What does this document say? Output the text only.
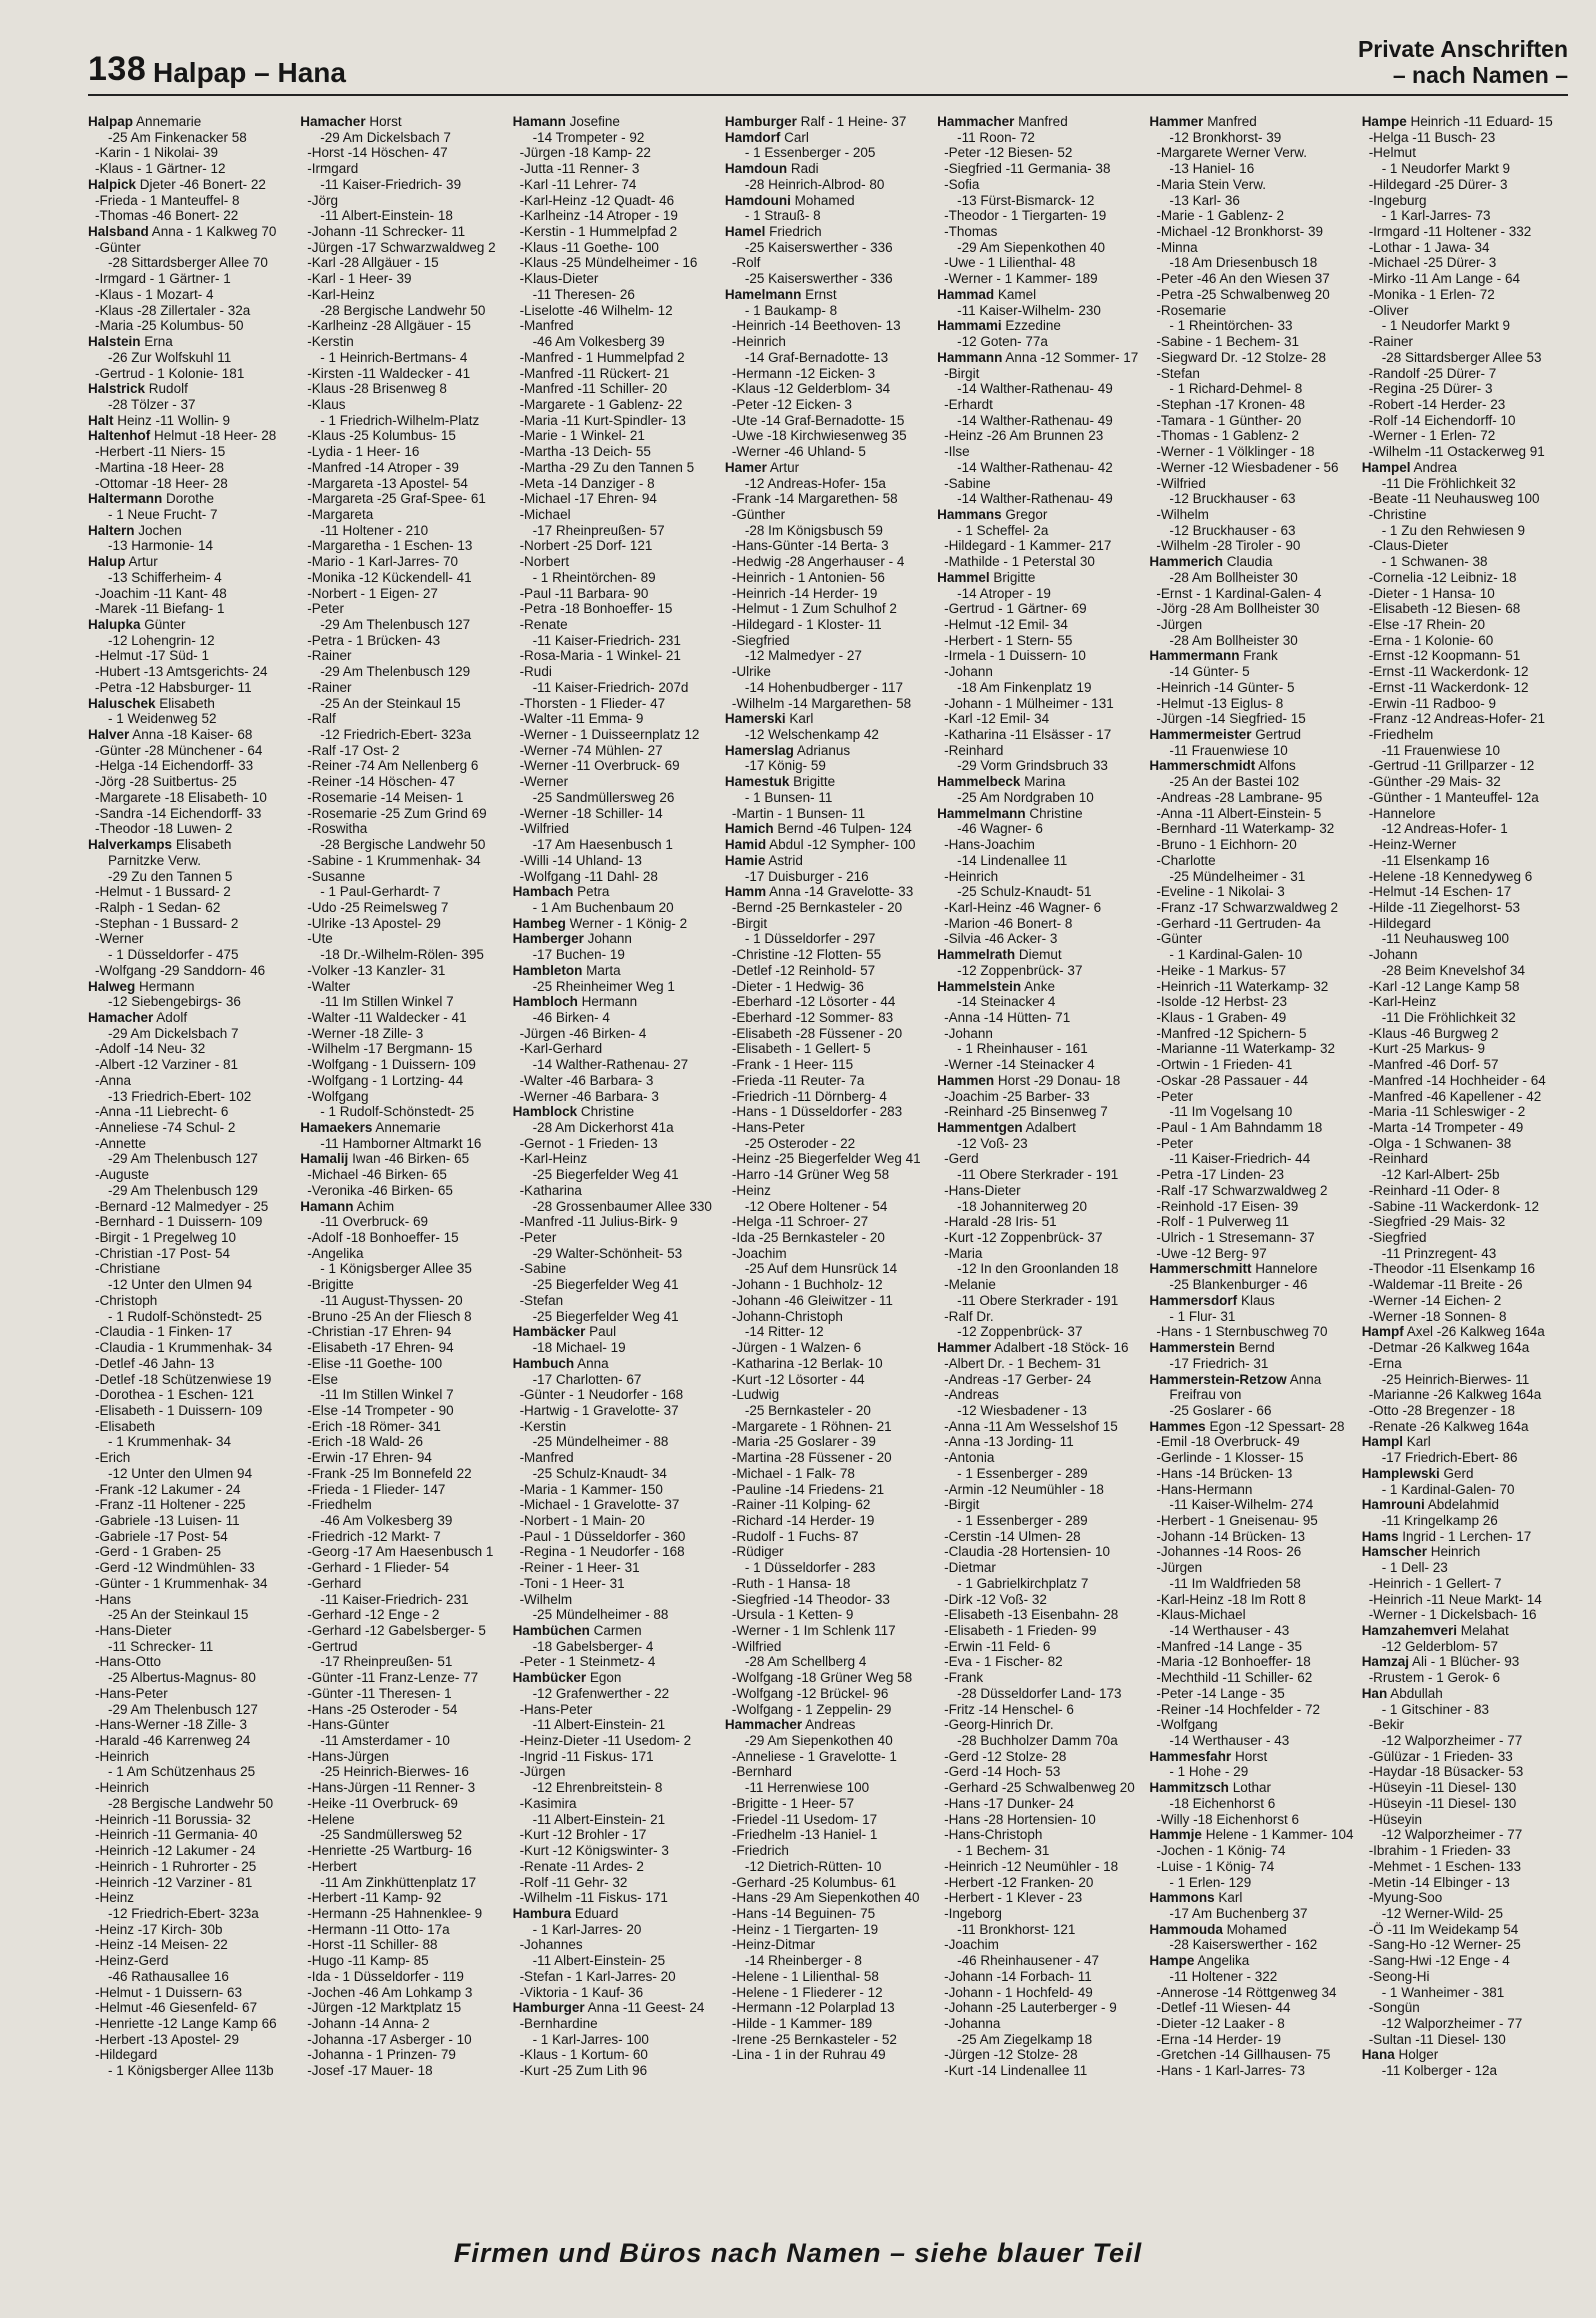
138 Halpap – Hana
Private Anschriften
– nach Namen –
Halpap Annemarie
-25 Am Finkenacker 58
-Karin - 1 Nikolai- 39
-Klaus - 1 Gärtner- 12
Halpick Djeter -46 Bonert- 22
-Frieda - 1 Manteuffel- 8
-Thomas -46 Bonert- 22
Halsband Anna - 1 Kalkweg 70
-Günter
-28 Sittardsberger Allee 70
-Irmgard - 1 Gärtner- 1
-Klaus - 1 Mozart- 4
-Klaus -28 Zillertaler - 32a
-Maria -25 Kolumbus- 50
Halstein Erna
-26 Zur Wolfskuhl 11
-Gertrud - 1 Kolonie- 181
Halstrick Rudolf
-28 Tölzer - 37
Halt Heinz -11 Wollin- 9
Haltenhof Helmut -18 Heer- 28
-Herbert -11 Niers- 15
-Martina -18 Heer- 28
-Ottomar -18 Heer- 28
Haltermann Dorothe
- 1 Neue Frucht- 7
Haltern Jochen
-13 Harmonie- 14
Halup Artur
-13 Schifferheim- 4
-Joachim -11 Kant- 48
-Marek -11 Biefang- 1
Halupka Günter
-12 Lohengrin- 12
-Helmut -17 Süd- 1
-Hubert -13 Amtsgerichts- 24
-Petra -12 Habsburger- 11
Haluschek Elisabeth
- 1 Weidenweg 52
Halver Anna -18 Kaiser- 68
-Günter -28 Münchener - 64
-Helga -14 Eichendorff- 33
-Jörg -28 Suitbertus- 25
-Margarete -18 Elisabeth- 10
-Sandra -14 Eichendorff- 33
-Theodor -18 Luwen- 2
Halverkamps Elisabeth
Parnitzke Verw.
-29 Zu den Tannen 5
-Helmut - 1 Bussard- 2
-Ralph - 1 Sedan- 62
-Stephan - 1 Bussard- 2
-Werner
- 1 Düsseldorfer - 475
-Wolfgang -29 Sanddorn- 46
Halweg Hermann
-12 Siebengebirgs- 36
Hamacher Adolf
-29 Am Dickelsbach 7
-Adolf -14 Neu- 32
-Albert -12 Varziner - 81
-Anna
-13 Friedrich-Ebert- 102
-Anna -11 Liebrecht- 6
-Anneliese -74 Schul- 2
-Annette
-29 Am Thelenbusch 127
-Auguste
-29 Am Thelenbusch 129
-Bernard -12 Malmedyer - 25
-Bernhard - 1 Duissern- 109
-Birgit - 1 Pregelweg 10
-Christian -17 Post- 54
-Christiane
-12 Unter den Ulmen 94
-Christoph
- 1 Rudolf-Schönstedt- 25
-Claudia - 1 Finken- 17
-Claudia - 1 Krummenhak- 34
-Detlef -46 Jahn- 13
-Detlef -18 Schützenwiese 19
-Dorothea - 1 Eschen- 121
-Elisabeth - 1 Duissern- 109
-Elisabeth
- 1 Krummenhak- 34
-Erich
-12 Unter den Ulmen 94
-Frank -12 Lakumer - 24
-Franz -11 Holtener - 225
-Gabriele -13 Luisen- 11
-Gabriele -17 Post- 54
-Gerd - 1 Graben- 25
-Gerd -12 Windmühlen- 33
-Günter - 1 Krummenhak- 34
-Hans
-25 An der Steinkaul 15
-Hans-Dieter
-11 Schrecker- 11
-Hans-Otto
-25 Albertus-Magnus- 80
-Hans-Peter
-29 Am Thelenbusch 127
-Hans-Werner -18 Zille- 3
-Harald -46 Karrenweg 24
-Heinrich
- 1 Am Schützenhaus 25
-Heinrich
-28 Bergische Landwehr 50
-Heinrich -11 Borussia- 32
-Heinrich -11 Germania- 40
-Heinrich -12 Lakumer - 24
-Heinrich - 1 Ruhrorter - 25
-Heinrich -12 Varziner - 81
-Heinz
-12 Friedrich-Ebert- 323a
-Heinz -17 Kirch- 30b
-Heinz -14 Meisen- 22
-Heinz-Gerd
-46 Rathausallee 16
-Helmut - 1 Duissern- 63
-Helmut -46 Giesenfeld- 67
-Henriette -12 Lange Kamp 66
-Herbert -13 Apostel- 29
-Hildegard
- 1 Königsberger Allee 113b
Hamacher Horst
-29 Am Dickelsbach 7
-Horst -14 Höschen- 47
-Irmgard
-11 Kaiser-Friedrich- 39
-Jörg
-11 Albert-Einstein- 18
-Johann -11 Schrecker- 11
-Jürgen -17 Schwarzwaldweg 2
-Karl -28 Allgäuer - 15
-Karl - 1 Heer- 39
-Karl-Heinz
-28 Bergische Landwehr 50
-Karlheinz -28 Allgäuer - 15
-Kerstin
- 1 Heinrich-Bertmans- 4
-Kirsten -11 Waldecker - 41
-Klaus -28 Brisenweg 8
-Klaus
- 1 Friedrich-Wilhelm-Platz
-Klaus -25 Kolumbus- 15
-Lydia - 1 Heer- 16
-Manfred -14 Atroper - 39
-Margareta -13 Apostel- 54
-Margareta -25 Graf-Spee- 61
-Margareta
-11 Holtener - 210
-Margaretha - 1 Eschen- 13
-Mario - 1 Karl-Jarres- 70
-Monika -12 Kückendell- 41
-Norbert - 1 Eigen- 27
-Peter
-29 Am Thelenbusch 127
-Petra - 1 Brücken- 43
-Rainer
-29 Am Thelenbusch 129
-Rainer
-25 An der Steinkaul 15
-Ralf
-12 Friedrich-Ebert- 323a
-Ralf -17 Ost- 2
-Reiner -74 Am Nellenberg 6
-Reiner -14 Höschen- 47
-Rosemarie -14 Meisen- 1
-Rosemarie -25 Zum Grind 69
-Roswitha
-28 Bergische Landwehr 50
-Sabine - 1 Krummenhak- 34
-Susanne
- 1 Paul-Gerhardt- 7
-Udo -25 Reimelsweg 7
-Ulrike -13 Apostel- 29
-Ute
-18 Dr.-Wilhelm-Rölen- 395
-Volker -13 Kanzler- 31
-Walter
-11 Im Stillen Winkel 7
-Walter -11 Waldecker - 41
-Werner -18 Zille- 3
-Wilhelm -17 Bergmann- 15
-Wolfgang - 1 Duissern- 109
-Wolfgang - 1 Lortzing- 44
-Wolfgang
- 1 Rudolf-Schönstedt- 25
Hamaekers Annemarie
-11 Hamborner Altmarkt 16
Hamalij Iwan -46 Birken- 65
-Michael -46 Birken- 65
-Veronika -46 Birken- 65
Hamann Achim
-11 Overbruck- 69
-Adolf -18 Bonhoeffer- 15
-Angelika
- 1 Königsberger Allee 35
-Brigitte
-11 August-Thyssen- 20
-Bruno -25 An der Fliesch 8
-Christian -17 Ehren- 94
-Elisabeth -17 Ehren- 94
-Elise -11 Goethe- 100
-Else
-11 Im Stillen Winkel 7
-Else -14 Trompeter - 90
-Erich -18 Römer- 341
-Erich -18 Wald- 26
-Erwin -17 Ehren- 94
-Frank -25 Im Bonnefeld 22
-Frieda - 1 Flieder- 147
-Friedhelm
-46 Am Volkesberg 39
-Friedrich -12 Markt- 7
-Georg -17 Am Haesenbusch 1
-Gerhard - 1 Flieder- 54
-Gerhard
-11 Kaiser-Friedrich- 231
-Gerhard -12 Enge - 2
-Gerhard -12 Gabelsberger- 5
-Gertrud
-17 Rheinpreußen- 51
-Günter -11 Franz-Lenze- 77
-Günter -11 Theresen- 1
-Hans -25 Osteroder - 54
-Hans-Günter
-11 Amsterdamer - 10
-Hans-Jürgen
-25 Heinrich-Bierwes- 16
-Hans-Jürgen -11 Renner- 3
-Heike -11 Overbruck- 69
-Helene
-25 Sandmüllersweg 52
-Henriette -25 Wartburg- 16
-Herbert
-11 Am Zinkhüttenplatz 17
-Herbert -11 Kamp- 92
-Hermann -25 Hahnenklee- 9
-Hermann -11 Otto- 17a
-Horst -11 Schiller- 88
-Hugo -11 Kamp- 85
-Ida - 1 Düsseldorfer - 119
-Jochen -46 Am Lohkamp 3
-Jürgen -12 Marktplatz 15
-Johann -14 Anna- 2
-Johanna -17 Asberger - 10
-Johanna - 1 Prinzen- 79
-Josef -17 Mauer- 18
Hamann Josefine
-14 Trompeter - 92
-Jürgen -18 Kamp- 22
-Jutta -11 Renner- 3
-Karl -11 Lehrer- 74
-Karl-Heinz -12 Quadt- 46
-Karlheinz -14 Atroper - 19
-Kerstin - 1 Hummelpfad 2
-Klaus -11 Goethe- 100
-Klaus -25 Mündelheimer - 16
-Klaus-Dieter
-11 Theresen- 26
-Liselotte -46 Wilhelm- 12
-Manfred
-46 Am Volkesberg 39
-Manfred - 1 Hummelpfad 2
-Manfred -11 Rückert- 21
-Manfred -11 Schiller- 20
-Margarete - 1 Gablenz- 22
-Maria -11 Kurt-Spindler- 13
-Marie - 1 Winkel- 21
-Martha -13 Deich- 55
-Martha -29 Zu den Tannen 5
-Meta -14 Danziger - 8
-Michael -17 Ehren- 94
-Michael
-17 Rheinpreußen- 57
-Norbert -25 Dorf- 121
-Norbert
- 1 Rheintörchen- 89
-Paul -11 Barbara- 90
-Petra -18 Bonhoeffer- 15
-Renate
-11 Kaiser-Friedrich- 231
-Rosa-Maria - 1 Winkel- 21
-Rudi
-11 Kaiser-Friedrich- 207d
-Thorsten - 1 Flieder- 47
-Walter -11 Emma- 9
-Werner - 1 Duisseernplatz 12
-Werner -74 Mühlen- 27
-Werner -11 Overbruck- 69
-Werner
-25 Sandmüllersweg 26
-Werner -18 Schiller- 14
-Wilfried
-17 Am Haesenbusch 1
-Willi -14 Uhland- 13
-Wolfgang -11 Dahl- 28
Hambach Petra
- 1 Am Buchenbaum 20
Hambeg Werner - 1 König- 2
Hamberger Johann
-17 Buchen- 19
Hambleton Marta
-25 Rheinheimer Weg 1
Hambloch Hermann
-46 Birken- 4
-Jürgen -46 Birken- 4
-Karl-Gerhard
-14 Walther-Rathenau- 27
-Walter -46 Barbara- 3
-Werner -46 Barbara- 3
Hamblock Christine
-28 Am Dickerhorst 41a
-Gernot - 1 Frieden- 13
-Karl-Heinz
-25 Biegerfelder Weg 41
-Katharina
-28 Grossenbaumer Allee 330
-Manfred -11 Julius-Birk- 9
-Peter
-29 Walter-Schönheit- 53
-Sabine
-25 Biegerfelder Weg 41
-Stefan
-25 Biegerfelder Weg 41
Hambäcker Paul
-18 Michael- 19
Hambuch Anna
-17 Charlotten- 67
-Günter - 1 Neudorfer - 168
-Hartwig - 1 Gravelotte- 37
-Kerstin
-25 Mündelheimer - 88
-Manfred
-25 Schulz-Knaudt- 34
-Maria - 1 Kammer- 150
-Michael - 1 Gravelotte- 37
-Norbert - 1 Main- 20
-Paul - 1 Düsseldorfer - 360
-Regina - 1 Neudorfer - 168
-Reiner - 1 Heer- 31
-Toni - 1 Heer- 31
-Wilhelm
-25 Mündelheimer - 88
Hambüchen Carmen
-18 Gabelsberger- 4
-Peter - 1 Steinmetz- 4
Hambücker Egon
-12 Grafenwerther - 22
-Hans-Peter
-11 Albert-Einstein- 21
-Heinz-Dieter -11 Usedom- 2
-Ingrid -11 Fiskus- 171
-Jürgen
-12 Ehrenbreitstein- 8
-Kasimira
-11 Albert-Einstein- 21
-Kurt -12 Brohler - 17
-Kurt -12 Königswinter- 3
-Renate -11 Ardes- 2
-Rolf -11 Gehr- 32
-Wilhelm -11 Fiskus- 171
Hambura Eduard
- 1 Karl-Jarres- 20
-Johannes
-11 Albert-Einstein- 25
-Stefan - 1 Karl-Jarres- 20
-Viktoria - 1 Kauf- 36
Hamburger Anna -11 Geest- 24
-Bernhardine
- 1 Karl-Jarres- 100
-Klaus - 1 Kortum- 60
-Kurt -25 Zum Lith 96
Hamburger Ralf - 1 Heine- 37
Hamdorf Carl
- 1 Essenberger - 205
Hamdoun Radi
-28 Heinrich-Albrod- 80
Hamdouni Mohamed
- 1 Strauß- 8
Hamel Friedrich
-25 Kaiserswerther - 336
-Rolf
-25 Kaiserswerther - 336
Hamelmann Ernst
- 1 Baukamp- 8
-Heinrich -14 Beethoven- 13
-Heinrich
-14 Graf-Bernadotte- 13
-Hermann -12 Eicken- 3
-Klaus -12 Gelderblom- 34
-Peter -12 Eicken- 3
-Ute -14 Graf-Bernadotte- 15
-Uwe -18 Kirchwiesenweg 35
-Werner -46 Uhland- 5
Hamer Artur
-12 Andreas-Hofer- 15a
-Frank -14 Margarethen- 58
-Günther
-28 Im Königsbusch 59
-Hans-Günter -14 Berta- 3
-Hedwig -28 Angerhauser - 4
-Heinrich - 1 Antonien- 56
-Heinrich -14 Herder- 19
-Helmut - 1 Zum Schulhof 2
-Hildegard - 1 Kloster- 11
-Siegfried
-12 Malmedyer - 27
-Ulrike
-14 Hohenbudberger - 117
-Wilhelm -14 Margarethen- 58
Hamerski Karl
-12 Welschenkamp 42
Hamerslag Adrianus
-17 König- 59
Hamestuk Brigitte
- 1 Bunsen- 11
-Martin - 1 Bunsen- 11
Hamich Bernd -46 Tulpen- 124
Hamid Abdul -12 Sympher- 100
Hamie Astrid
-17 Duisburger - 216
Hamm Anna -14 Gravelotte- 33
-Bernd -25 Bernkasteler - 20
-Birgit
- 1 Düsseldorfer - 297
-Christine -12 Flotten- 55
-Detlef -12 Reinhold- 57
-Dieter - 1 Hedwig- 36
-Eberhard -12 Lösorter - 44
-Eberhard -12 Sommer- 83
-Elisabeth -28 Füssener - 20
-Elisabeth - 1 Gellert- 5
-Frank - 1 Heer- 115
-Frieda -11 Reuter- 7a
-Friedrich -11 Dörnberg- 4
-Hans - 1 Düsseldorfer - 283
-Hans-Peter
-25 Osteroder - 22
-Heinz -25 Biegerfelder Weg 41
-Harro -14 Grüner Weg 58
-Heinz
-12 Obere Holtener - 54
-Helga -11 Schroer- 27
-Ida -25 Bernkasteler - 20
-Joachim
-25 Auf dem Hunsrück 14
-Johann - 1 Buchholz- 12
-Johann -46 Gleiwitzer - 11
-Johann-Christoph
-14 Ritter- 12
-Jürgen - 1 Walzen- 6
-Katharina -12 Berlak- 10
-Kurt -12 Lösorter - 44
-Ludwig
-25 Bernkasteler - 20
-Margarete - 1 Röhnen- 21
-Maria -25 Goslarer - 39
-Martina -28 Füssener - 20
-Michael - 1 Falk- 78
-Pauline -14 Friedens- 21
-Rainer -11 Kolping- 62
-Richard -14 Herder- 19
-Rudolf - 1 Fuchs- 87
-Rüdiger
- 1 Düsseldorfer - 283
-Ruth - 1 Hansa- 18
-Siegfried -14 Theodor- 33
-Ursula - 1 Ketten- 9
-Werner - 1 Im Schlenk 117
-Wilfried
-28 Am Schellberg 4
-Wolfgang -18 Grüner Weg 58
-Wolfgang -12 Brückel- 96
-Wolfgang - 1 Zeppelin- 29
Hammacher Andreas
-29 Am Siepenkothen 40
-Anneliese - 1 Gravelotte- 1
-Bernhard
-11 Herrenwiese 100
-Brigitte - 1 Heer- 57
-Friedel -11 Usedom- 17
-Friedhelm -13 Haniel- 1
-Friedrich
-12 Dietrich-Rütten- 10
-Gerhard -25 Kolumbus- 61
-Hans -29 Am Siepenkothen 40
-Hans -14 Beguinen- 75
-Heinz - 1 Tiergarten- 19
-Heinz-Ditmar
-14 Rheinberger - 8
-Helene - 1 Lilienthal- 58
-Helene - 1 Fliederer - 12
-Hermann -12 Polarplad 13
-Hilde - 1 Kammer- 189
-Irene -25 Bernkasteler - 52
-Lina - 1 in der Ruhrau 49
Hammacher Manfred
-11 Roon- 72
-Peter -12 Biesen- 52
-Siegfried -11 Germania- 38
-Sofia
-13 Fürst-Bismarck- 12
-Theodor - 1 Tiergarten- 19
-Thomas
-29 Am Siepenkothen 40
-Uwe - 1 Lilienthal- 48
-Werner - 1 Kammer- 189
Hammad Kamel
-11 Kaiser-Wilhelm- 230
Hammami Ezzedine
-12 Goten- 77a
Hammann Anna -12 Sommer- 17
-Birgit
-14 Walther-Rathenau- 49
-Erhardt
-14 Walther-Rathenau- 49
-Heinz -26 Am Brunnen 23
-Ilse
-14 Walther-Rathenau- 42
-Sabine
-14 Walther-Rathenau- 49
Hammans Gregor
- 1 Scheffel- 2a
-Hildegard - 1 Kammer- 217
-Mathilde - 1 Peterstal 30
Hammel Brigitte
-14 Atroper - 19
-Gertrud - 1 Gärtner- 69
-Helmut -12 Emil- 34
-Herbert - 1 Stern- 55
-Irmela - 1 Duissern- 10
-Johann
-18 Am Finkenplatz 19
-Johann - 1 Mülheimer - 131
-Karl -12 Emil- 34
-Katharina -11 Elsässer - 17
-Reinhard
-29 Vorm Grindsbruch 33
Hammelbeck Marina
-25 Am Nordgraben 10
Hammelmann Christine
-46 Wagner- 6
-Hans-Joachim
-14 Lindenallee 11
-Heinrich
-25 Schulz-Knaudt- 51
-Karl-Heinz -46 Wagner- 6
-Marion -46 Bonert- 8
-Silvia -46 Acker- 3
Hammelrath Diemut
-12 Zoppenbrück- 37
Hammelstein Anke
-14 Steinacker 4
-Anna -14 Hütten- 71
-Johann
- 1 Rheinhauser - 161
-Werner -14 Steinacker 4
Hammen Horst -29 Donau- 18
-Joachim -25 Barber- 33
-Reinhard -25 Binsenweg 7
Hammentgen Adalbert
-12 Voß- 23
-Gerd
-11 Obere Sterkrader - 191
-Hans-Dieter
-18 Johanniterweg 20
-Harald -28 Iris- 51
-Kurt -12 Zoppenbrück- 37
-Maria
-12 In den Groonlanden 18
-Melanie
-11 Obere Sterkrader - 191
-Ralf Dr.
-12 Zoppenbrück- 37
Hammer Adalbert -18 Stöck- 16
-Albert Dr. - 1 Bechem- 31
-Andreas -17 Gerber- 24
-Andreas
-12 Wiesbadener - 13
-Anna -11 Am Wesselshof 15
-Anna -13 Jording- 11
-Antonia
- 1 Essenberger - 289
-Armin -12 Neumühler - 18
-Birgit
- 1 Essenberger - 289
-Cerstin -14 Ulmen- 28
-Claudia -28 Hortensien- 10
-Dietmar
- 1 Gabrielkirchplatz 7
-Dirk -12 Voß- 32
-Elisabeth -13 Eisenbahn- 28
-Elisabeth - 1 Frieden- 99
-Erwin -11 Feld- 6
-Eva - 1 Fischer- 82
-Frank
-28 Düsseldorfer Land- 173
-Fritz -14 Henschel- 6
-Georg-Hinrich Dr.
-28 Buchholzer Damm 70a
-Gerd -12 Stolze- 28
-Gerd -14 Hoch- 53
-Gerhard -25 Schwalbenweg 20
-Hans -17 Dunker- 24
-Hans -28 Hortensien- 10
-Hans-Christoph
- 1 Bechem- 31
-Heinrich -12 Neumühler - 18
-Herbert -12 Franken- 20
-Herbert - 1 Klever - 23
-Ingeborg
-11 Bronkhorst- 121
-Joachim
-46 Rheinhausener - 47
-Johann -14 Forbach- 11
-Johann - 1 Hochfeld- 49
-Johann -25 Lauterberger - 9
-Johanna
-25 Am Ziegelkamp 18
-Jürgen -12 Stolze- 28
-Kurt -14 Lindenallee 11
Hammer Manfred
-12 Bronkhorst- 39
-Margarete Werner Verw.
-13 Haniel- 16
-Maria Stein Verw.
-13 Karl- 36
-Marie - 1 Gablenz- 2
-Michael -12 Bronkhorst- 39
-Minna
-18 Am Driesenbusch 18
-Peter -46 An den Wiesen 37
-Petra -25 Schwalbenweg 20
-Rosemarie
- 1 Rheintörchen- 33
-Sabine - 1 Bechem- 31
-Siegward Dr. -12 Stolze- 28
-Stefan
- 1 Richard-Dehmel- 8
-Stephan -17 Kronen- 48
-Tamara - 1 Günther- 20
-Thomas - 1 Gablenz- 2
-Werner - 1 Völklinger - 18
-Werner -12 Wiesbadener - 56
-Wilfried
-12 Bruckhauser - 63
-Wilhelm
-12 Bruckhauser - 63
-Wilhelm -28 Tiroler - 90
Hammerich Claudia
-28 Am Bollheister 30
-Ernst - 1 Kardinal-Galen- 4
-Jörg -28 Am Bollheister 30
-Jürgen
-28 Am Bollheister 30
Hammermann Frank
-14 Günter- 5
-Heinrich -14 Günter- 5
-Helmut -13 Eiglus- 8
-Jürgen -14 Siegfried- 15
Hammermeister Gertrud
-11 Frauenwiese 10
Hammerschmidt Alfons
-25 An der Bastei 102
-Andreas -28 Lambrane- 95
-Anna -11 Albert-Einstein- 5
-Bernhard -11 Waterkamp- 32
-Bruno - 1 Eichhorn- 20
-Charlotte
-25 Mündelheimer - 31
-Eveline - 1 Nikolai- 3
-Franz -17 Schwarzwaldweg 2
-Gerhard -11 Gertruden- 4a
-Günter
- 1 Kardinal-Galen- 10
-Heike - 1 Markus- 57
-Heinrich -11 Waterkamp- 32
-Isolde -12 Herbst- 23
-Klaus - 1 Graben- 49
-Manfred -12 Spichern- 5
-Marianne -11 Waterkamp- 32
-Ortwin - 1 Frieden- 41
-Oskar -28 Passauer - 44
-Peter
-11 Im Vogelsang 10
-Paul - 1 Am Bahndamm 18
-Peter
-11 Kaiser-Friedrich- 44
-Petra -17 Linden- 23
-Ralf -17 Schwarzwaldweg 2
-Reinhold -17 Eisen- 39
-Rolf - 1 Pulverweg 11
-Ulrich - 1 Stresemann- 37
-Uwe -12 Berg- 97
Hammerschmitt Hannelore
-25 Blankenburger - 46
Hammersdorf Klaus
- 1 Flur- 31
-Hans - 1 Sternbuschweg 70
Hammerstein Bernd
-17 Friedrich- 31
Hammerstein-Retzow Anna
Freifrau von
-25 Goslarer - 66
Hammes Egon -12 Spessart- 28
-Emil -18 Overbruck- 49
-Gerlinde - 1 Klosser- 15
-Hans -14 Brücken- 13
-Hans-Hermann
-11 Kaiser-Wilhelm- 274
-Herbert - 1 Gneisenau- 95
-Johann -14 Brücken- 13
-Johannes -14 Roos- 26
-Jürgen
-11 Im Waldfrieden 58
-Karl-Heinz -18 Im Rott 8
-Klaus-Michael
-14 Werthauser - 43
-Manfred -14 Lange - 35
-Maria -12 Bonhoeffer- 18
-Mechthild -11 Schiller- 62
-Peter -14 Lange - 35
-Reiner -14 Hochfelder - 72
-Wolfgang
-14 Werthauser - 43
Hammesfahr Horst
- 1 Hohe - 29
Hammitzsch Lothar
-18 Eichenhorst 6
-Willy -18 Eichenhorst 6
Hammje Helene - 1 Kammer- 104
-Jochen - 1 König- 74
-Luise - 1 König- 74
- 1 Erlen- 129
Hammons Karl
-17 Am Buchenberg 37
Hammouda Mohamed
-28 Kaiserswerther - 162
Hampe Angelika
-11 Holtener - 322
-Annerose -14 Röttgenweg 34
-Detlef -11 Wiesen- 44
-Dieter -12 Laaker - 8
-Erna -14 Herder- 19
-Gretchen -14 Gillhausen- 75
-Hans - 1 Karl-Jarres- 73
Hampe Heinrich -11 Eduard- 15
-Helga -11 Busch- 23
-Helmut
- 1 Neudorfer Markt 9
-Hildegard -25 Dürer- 3
-Ingeburg
- 1 Karl-Jarres- 73
-Irmgard -11 Holtener - 332
-Lothar - 1 Jawa- 34
-Michael -25 Dürer- 3
-Mirko -11 Am Lange - 64
-Monika - 1 Erlen- 72
-Oliver
- 1 Neudorfer Markt 9
-Rainer
-28 Sittardsberger Allee 53
-Randolf -25 Dürer- 7
-Regina -25 Dürer- 3
-Robert -14 Herder- 23
-Rolf -14 Eichendorff- 10
-Werner - 1 Erlen- 72
-Wilhelm -11 Ostackerweg 91
Hampel Andrea
-11 Die Fröhlichkeit 32
-Beate -11 Neuhausweg 100
-Christine
- 1 Zu den Rehwiesen 9
-Claus-Dieter
- 1 Schwanen- 38
-Cornelia -12 Leibniz- 18
-Dieter - 1 Hansa- 10
-Elisabeth -12 Biesen- 68
-Else -17 Rhein- 20
-Erna - 1 Kolonie- 60
-Ernst -12 Koopmann- 51
-Ernst -11 Wackerdonk- 12
-Ernst -11 Wackerdonk- 12
-Erwin -11 Radboo- 9
-Franz -12 Andreas-Hofer- 21
-Friedhelm
-11 Frauenwiese 10
-Gertrud -11 Grillparzer - 12
-Günther -29 Mais- 32
-Günther - 1 Manteuffel- 12a
-Hannelore
-12 Andreas-Hofer- 1
-Heinz-Werner
-11 Elsenkamp 16
-Helene -18 Kennedyweg 6
-Helmut -14 Eschen- 17
-Hilde -11 Ziegelhorst- 53
-Hildegard
-11 Neuhausweg 100
-Johann
-28 Beim Knevelshof 34
-Karl -12 Lange Kamp 58
-Karl-Heinz
-11 Die Fröhlichkeit 32
-Klaus -46 Burgweg 2
-Kurt -25 Markus- 9
-Manfred -46 Dorf- 57
-Manfred -14 Hochheider - 64
-Manfred -46 Kapellener - 42
-Maria -11 Schleswiger - 2
-Marta -14 Trompeter - 49
-Olga - 1 Schwanen- 38
-Reinhard
-12 Karl-Albert- 25b
-Reinhard -11 Oder- 8
-Sabine -11 Wackerdonk- 12
-Siegfried -29 Mais- 32
-Siegfried
-11 Prinzregent- 43
-Theodor -11 Elsenkamp 16
-Waldemar -11 Breite - 26
-Werner -14 Eichen- 2
-Werner -18 Sonnen- 8
Hampf Axel -26 Kalkweg 164a
-Detmar -26 Kalkweg 164a
-Erna
-25 Heinrich-Bierwes- 11
-Marianne -26 Kalkweg 164a
-Otto -28 Bregenzer - 18
-Renate -26 Kalkweg 164a
Hampl Karl
-17 Friedrich-Ebert- 86
Hamplewski Gerd
- 1 Kardinal-Galen- 70
Hamrouni Abdelahmid
-11 Kringelkamp 26
Hams Ingrid - 1 Lerchen- 17
Hamscher Heinrich
- 1 Dell- 23
-Heinrich - 1 Gellert- 7
-Heinrich -11 Neue Markt- 14
-Werner - 1 Dickelsbach- 16
Hamzahemveri Melahat
-12 Gelderblom- 57
Hamzaj Ali - 1 Blücher- 93
-Rrustem - 1 Gerok- 6
Han Abdullah
- 1 Gitschiner - 83
-Bekir
-12 Walporzheimer - 77
-Gülüzar - 1 Frieden- 33
-Haydar -18 Büsacker- 53
-Hüseyin -11 Diesel- 130
-Hüseyin -11 Diesel- 130
-Hüseyin
-12 Walporzheimer - 77
-Ibrahim - 1 Frieden- 33
-Mehmet - 1 Eschen- 133
-Metin -14 Elbinger - 13
-Myung-Soo
-12 Werner-Wild- 25
-Ö -11 Im Weidekamp 54
-Sang-Ho -12 Werner- 25
-Sang-Hwi -12 Enge - 4
-Seong-Hi
- 1 Wanheimer - 381
-Songün
-12 Walporzheimer - 77
-Sultan -11 Diesel- 130
Hana Holger
-11 Kolberger - 12a
Firmen und Büros nach Namen – siehe blauer Teil
